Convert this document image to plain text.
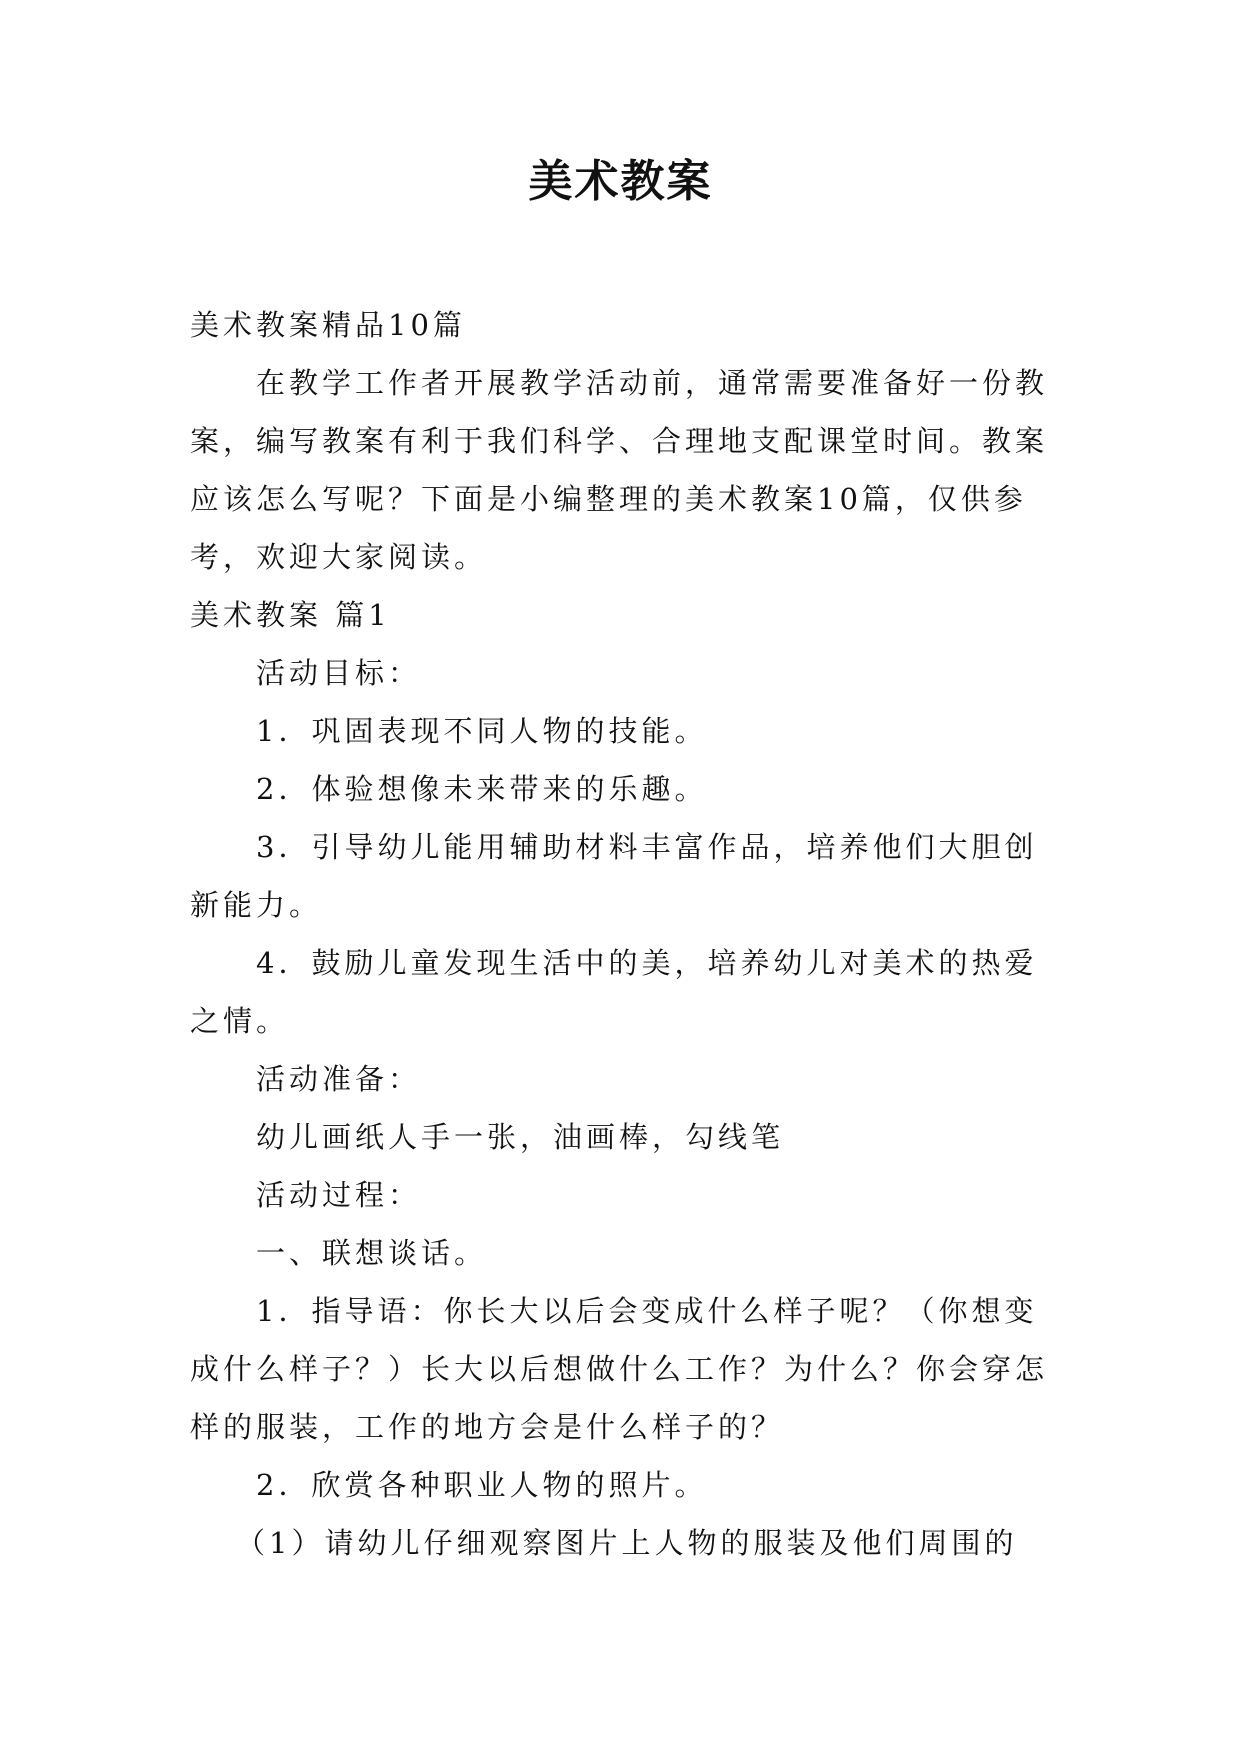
美术教案

美术教案精品10篇

在教学工作者开展教学活动前，通常需要准备好一份教案，编写教案有利于我们科学、合理地支配课堂时间。教案应该怎么写呢？下面是小编整理的美术教案10篇，仅供参考，欢迎大家阅读。

美术教案 篇1

活动目标：

1．巩固表现不同人物的技能。

2．体验想像未来带来的乐趣。

3．引导幼儿能用辅助材料丰富作品，培养他们大胆创新能力。

4．鼓励儿童发现生活中的美，培养幼儿对美术的热爱之情。

活动准备：

幼儿画纸人手一张，油画棒，勾线笔

活动过程：

一、联想谈话。

1．指导语：你长大以后会变成什么样子呢？（你想变成什么样子？）长大以后想做什么工作？为什么？你会穿怎样的服装，工作的地方会是什么样子的？

2．欣赏各种职业人物的照片。

（1）请幼儿仔细观察图片上人物的服装及他们周围的
